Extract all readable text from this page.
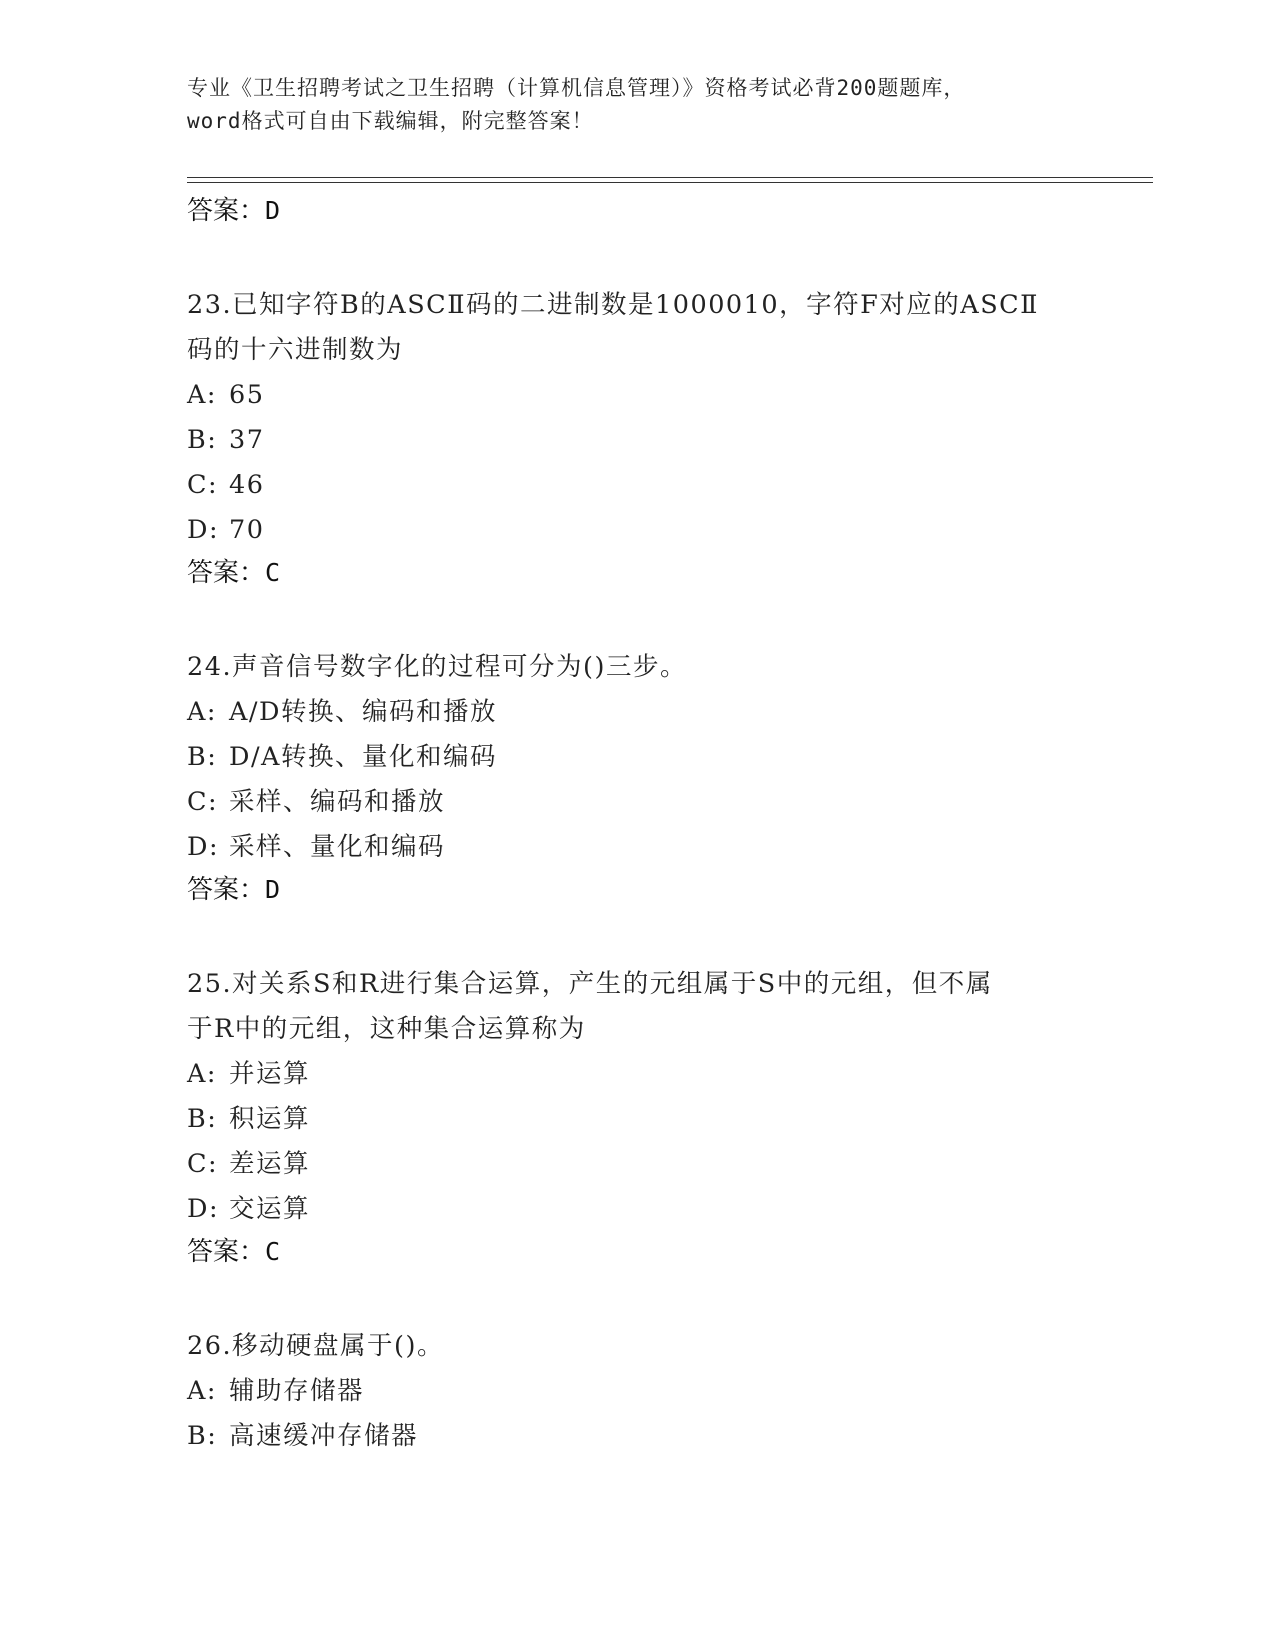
专业《卫生招聘考试之卫生招聘（计算机信息管理）》资格考试必背200题题库，
word格式可自由下载编辑，附完整答案！
答案：D
23.已知字符B的ASCⅡ码的二进制数是1000010，字符F对应的ASCⅡ
码的十六进制数为
A: 65
B: 37
C: 46
D: 70
答案：C
24.声音信号数字化的过程可分为()三步。
A: A/D转换、编码和播放
B: D/A转换、量化和编码
C: 采样、编码和播放
D: 采样、量化和编码
答案：D
25.对关系S和R进行集合运算，产生的元组属于S中的元组，但不属
于R中的元组，这种集合运算称为
A: 并运算
B: 积运算
C: 差运算
D: 交运算
答案：C
26.移动硬盘属于()。
A: 辅助存储器
B: 高速缓冲存储器
